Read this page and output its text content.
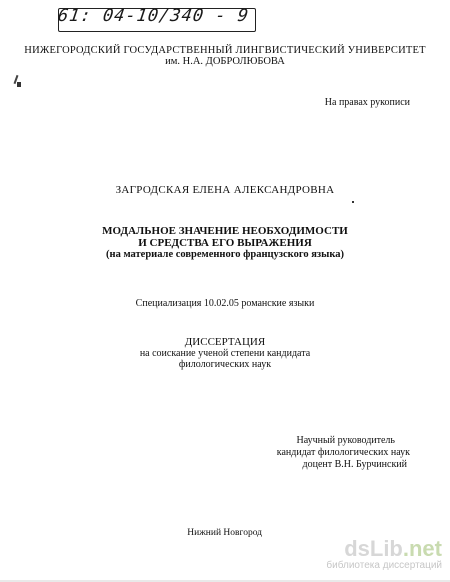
61: 04-10/340 - 9
НИЖЕГОРОДСКИЙ ГОСУДАРСТВЕННЫЙ ЛИНГВИСТИЧЕСКИЙ УНИВЕРСИТЕТ
им. Н.А. ДОБРОЛЮБОВА
На правах рукописи
ЗАГРОДСКАЯ ЕЛЕНА АЛЕКСАНДРОВНА
МОДАЛЬНОЕ ЗНАЧЕНИЕ НЕОБХОДИМОСТИ
И СРЕДСТВА ЕГО ВЫРАЖЕНИЯ
(на материале современного французского языка)
Специализация 10.02.05 романские языки
ДИССЕРТАЦИЯ
на соискание ученой степени кандидата
филологических наук
Научный руководитель
кандидат филологических наук
доцент В.Н. Бурчинский
Нижний Новгород
dsLib.net
библиотека диссертаций
